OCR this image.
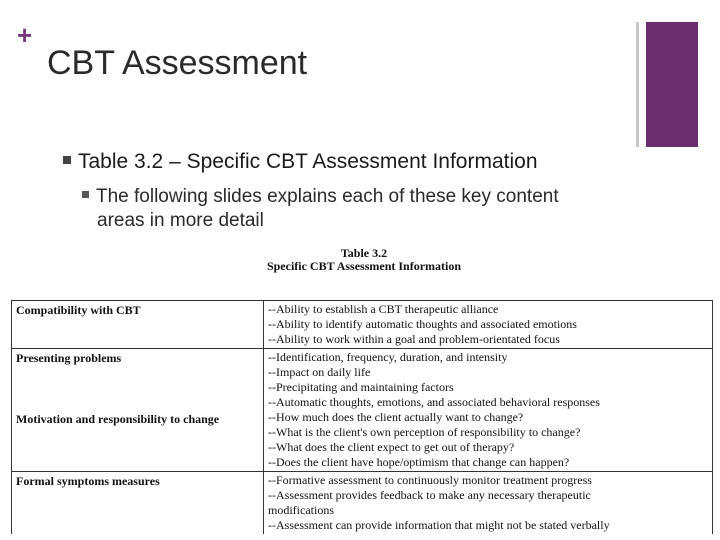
+
CBT Assessment
Table 3.2 – Specific CBT Assessment Information
The following slides explains each of these key content
areas in more detail
Table 3.2
Specific CBT Assessment Information
Compatibility with CBT	--Ability to establish a CBT therapeutic alliance
--Ability to identify automatic thoughts and associated emotions
--Ability to work within a goal and problem-orientated focus
Presenting problems
Motivation and responsibility to change
--Identification, frequency, duration, and intensity
--Impact on daily life
--Precipitating and maintaining factors
--Automatic thoughts, emotions, and associated behavioral responses
--How much does the client actually want to change?
--What is the client's own perception of responsibility to change?
--What does the client expect to get out of therapy?
--Does the client have hope/optimism that change can happen?
Formal symptoms measures	--Formative assessment to continuously monitor treatment progress
--Assessment provides feedback to make any necessary therapeutic
modifications
--Assessment can provide information that might not be stated verbally
